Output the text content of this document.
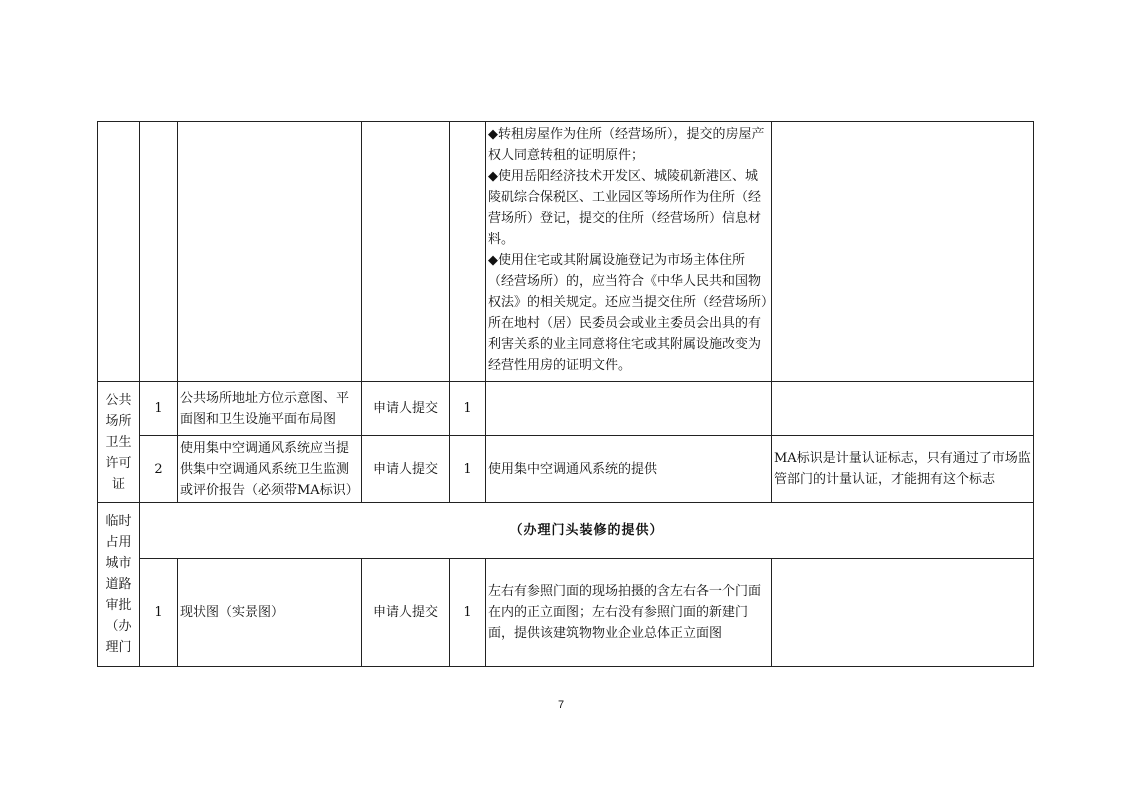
					◆转租房屋作为住所（经营场所），提交的房屋产权人同意转租的证明原件；
◆使用岳阳经济技术开发区、城陵矶新港区、城陵矶综合保税区、工业园区等场所作为住所（经营场所）登记，提交的住所（经营场所）信息材料。
◆使用住宅或其附属设施登记为市场主体住所（经营场所）的，应当符合《中华人民共和国物权法》的相关规定。还应当提交住所（经营场所）所在地村（居）民委员会或业主委员会出具的有利害关系的业主同意将住宅或其附属设施改变为经营性用房的证明文件。	

公共场所卫生许可证	1	公共场所地址方位示意图、平面图和卫生设施平面布局图	申请人提交	1		
	2	使用集中空调通风系统应当提供集中空调通风系统卫生监测或评价报告（必须带MA标识）	申请人提交	1	使用集中空调通风系统的提供	MA标识是计量认证标志，只有通过了市场监管部门的计量认证，才能拥有这个标志
临时占用城市道路审批（办理门	（办理门头装修的提供）					
	1	现状图（实景图）	申请人提交	1	左右有参照门面的现场拍摄的含左右各一个门面在内的正立面图；左右没有参照门面的新建门面，提供该建筑物物业企业总体正立面图	
7
